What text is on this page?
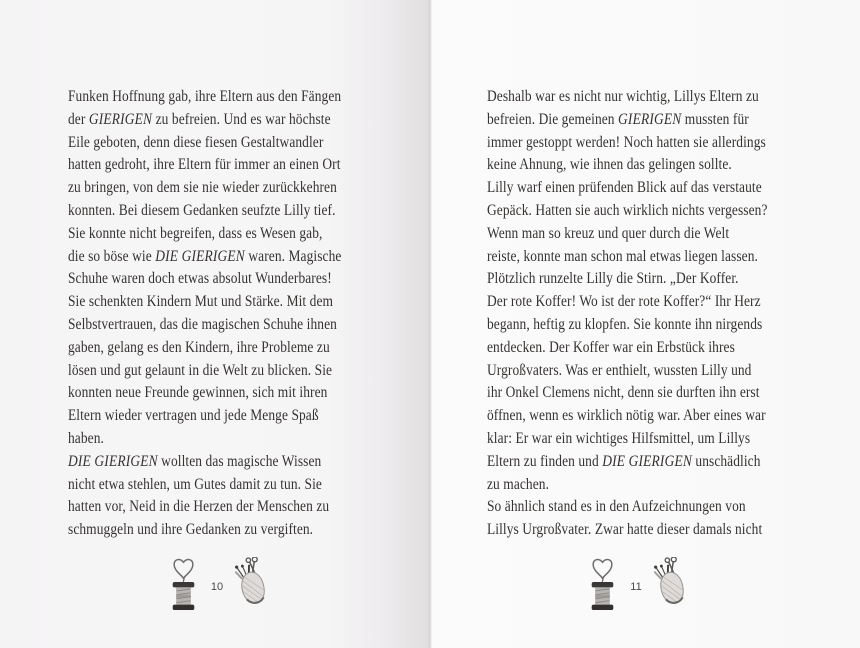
Funken Hoffnung gab, ihre Eltern aus den Fängen
der GIERIGEN zu befreien. Und es war höchste
Eile geboten, denn diese fiesen Gestaltwandler
hatten gedroht, ihre Eltern für immer an einen Ort
zu bringen, von dem sie nie wieder zurückkehren
konnten. Bei diesem Gedanken seufzte Lilly tief.
Sie konnte nicht begreifen, dass es Wesen gab,
die so böse wie DIE GIERIGEN waren. Magische
Schuhe waren doch etwas absolut Wunderbares!
Sie schenkten Kindern Mut und Stärke. Mit dem
Selbstvertrauen, das die magischen Schuhe ihnen
gaben, gelang es den Kindern, ihre Probleme zu
lösen und gut gelaunt in die Welt zu blicken. Sie
konnten neue Freunde gewinnen, sich mit ihren
Eltern wieder vertragen und jede Menge Spaß
haben.
DIE GIERIGEN wollten das magische Wissen
nicht etwa stehlen, um Gutes damit zu tun. Sie
hatten vor, Neid in die Herzen der Menschen zu
schmuggeln und ihre Gedanken zu vergiften.
10
Deshalb war es nicht nur wichtig, Lillys Eltern zu
befreien. Die gemeinen GIERIGEN mussten für
immer gestoppt werden! Noch hatten sie allerdings
keine Ahnung, wie ihnen das gelingen sollte.
Lilly warf einen prüfenden Blick auf das verstaute
Gepäck. Hatten sie auch wirklich nichts vergessen?
Wenn man so kreuz und quer durch die Welt
reiste, konnte man schon mal etwas liegen lassen.
Plötzlich runzelte Lilly die Stirn. „Der Koffer.
Der rote Koffer! Wo ist der rote Koffer?“ Ihr Herz
begann, heftig zu klopfen. Sie konnte ihn nirgends
entdecken. Der Koffer war ein Erbstück ihres
Urgroßvaters. Was er enthielt, wussten Lilly und
ihr Onkel Clemens nicht, denn sie durften ihn erst
öffnen, wenn es wirklich nötig war. Aber eines war
klar: Er war ein wichtiges Hilfsmittel, um Lillys
Eltern zu finden und DIE GIERIGEN unschädlich
zu machen.
So ähnlich stand es in den Aufzeichnungen von
Lillys Urgroßvater. Zwar hatte dieser damals nicht
11
